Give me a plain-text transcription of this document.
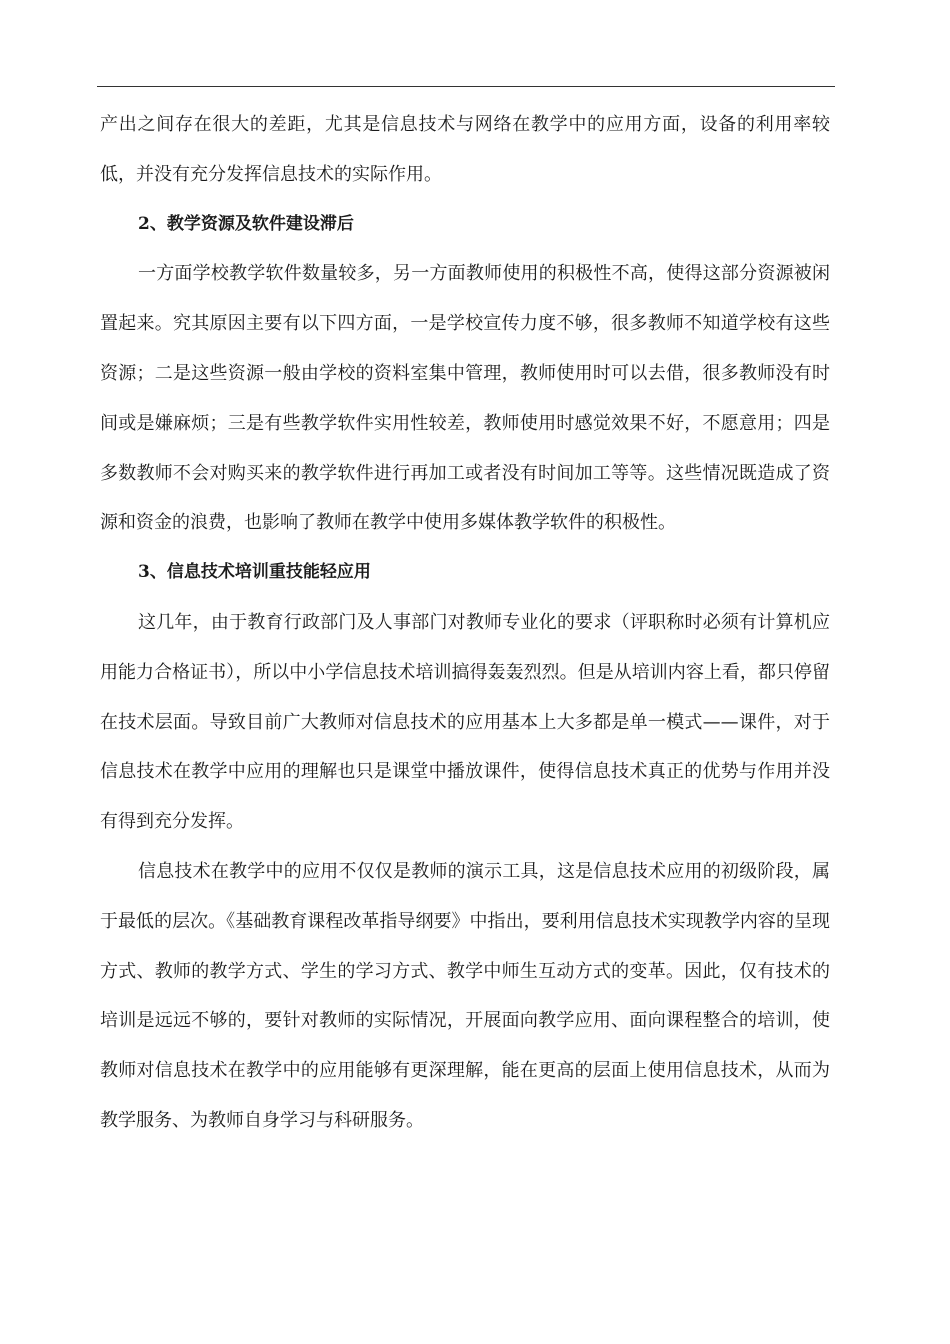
产出之间存在很大的差距，尤其是信息技术与网络在教学中的应用方面，设备的利用率较低，并没有充分发挥信息技术的实际作用。

2、教学资源及软件建设滞后

一方面学校教学软件数量较多，另一方面教师使用的积极性不高，使得这部分资源被闲置起来。究其原因主要有以下四方面，一是学校宣传力度不够，很多教师不知道学校有这些资源；二是这些资源一般由学校的资料室集中管理，教师使用时可以去借，很多教师没有时间或是嫌麻烦；三是有些教学软件实用性较差，教师使用时感觉效果不好，不愿意用；四是多数教师不会对购买来的教学软件进行再加工或者没有时间加工等等。这些情况既造成了资源和资金的浪费，也影响了教师在教学中使用多媒体教学软件的积极性。

3、信息技术培训重技能轻应用

这几年，由于教育行政部门及人事部门对教师专业化的要求（评职称时必须有计算机应用能力合格证书），所以中小学信息技术培训搞得轰轰烈烈。但是从培训内容上看，都只停留在技术层面。导致目前广大教师对信息技术的应用基本上大多都是单一模式——课件，对于信息技术在教学中应用的理解也只是课堂中播放课件，使得信息技术真正的优势与作用并没有得到充分发挥。

信息技术在教学中的应用不仅仅是教师的演示工具，这是信息技术应用的初级阶段，属于最低的层次。《基础教育课程改革指导纲要》中指出，要利用信息技术实现教学内容的呈现方式、教师的教学方式、学生的学习方式、教学中师生互动方式的变革。因此，仅有技术的培训是远远不够的，要针对教师的实际情况，开展面向教学应用、面向课程整合的培训，使教师对信息技术在教学中的应用能够有更深理解，能在更高的层面上使用信息技术，从而为教学服务、为教师自身学习与科研服务。
